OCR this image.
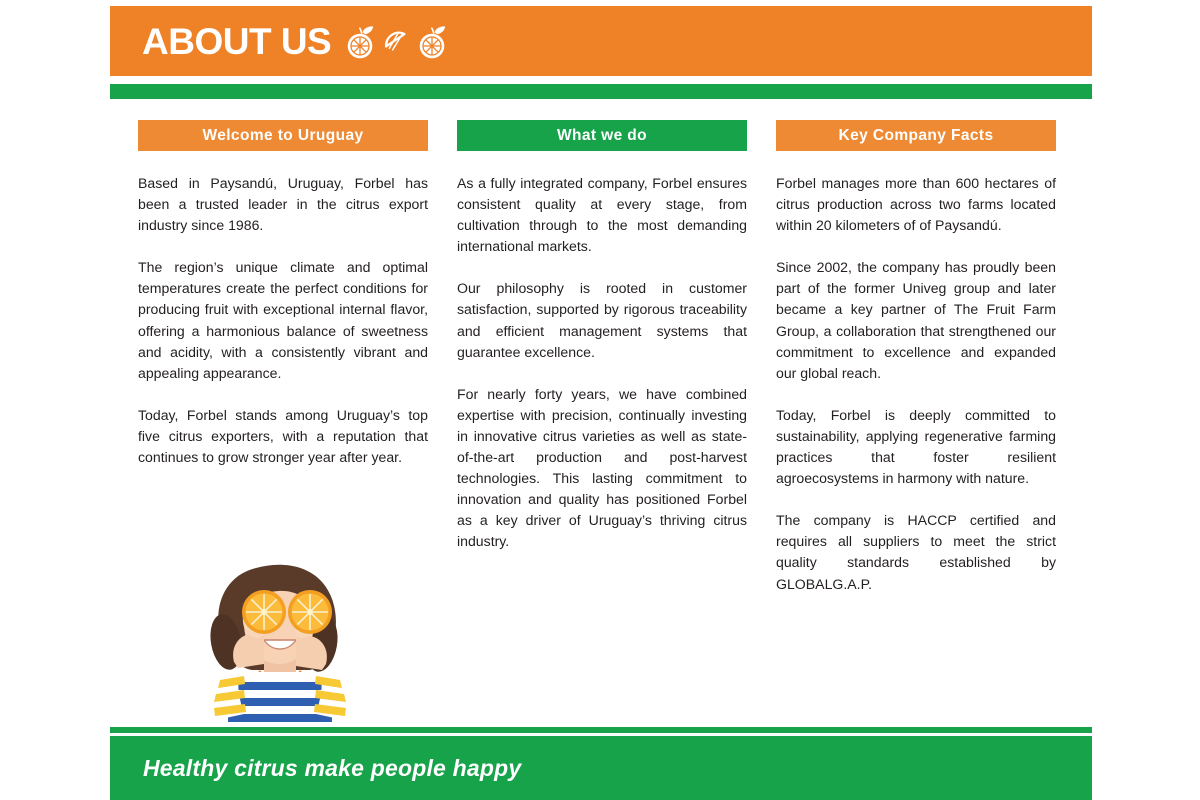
ABOUT US
Welcome to Uruguay

Based in Paysandú, Uruguay, Forbel has been a trusted leader in the citrus export industry since 1986.

The region’s unique climate and optimal temperatures create the perfect conditions for producing fruit with exceptional internal flavor, offering a harmonious balance of sweetness and acidity, with a consistently vibrant and appealing appearance.

Today, Forbel stands among Uruguay’s top five citrus exporters, with a reputation that continues to grow stronger year after year.

What we do

As a fully integrated company, Forbel ensures consistent quality at every stage, from cultivation through to the most demanding international markets.

Our philosophy is rooted in customer satisfaction, supported by rigorous traceability and efficient management systems that guarantee excellence.

For nearly forty years, we have combined expertise with precision, continually investing in innovative citrus varieties as well as state-of-the-art production and post-harvest technologies. This lasting commitment to innovation and quality has positioned Forbel as a key driver of Uruguay’s thriving citrus industry.

Key Company Facts

Forbel manages more than 600 hectares of citrus production across two farms located within 20 kilometers of of Paysandú.

Since 2002, the company has proudly been part of the former Univeg group and later became a key partner of The Fruit Farm Group, a collaboration that strengthened our commitment to excellence and expanded our global reach.

Today, Forbel is deeply committed to sustainability, applying regenerative farming practices that foster resilient agroecosystems in harmony with nature.

The company is HACCP certified and requires all suppliers to meet the strict quality standards established by GLOBALG.A.P.

Healthy citrus make people happy
